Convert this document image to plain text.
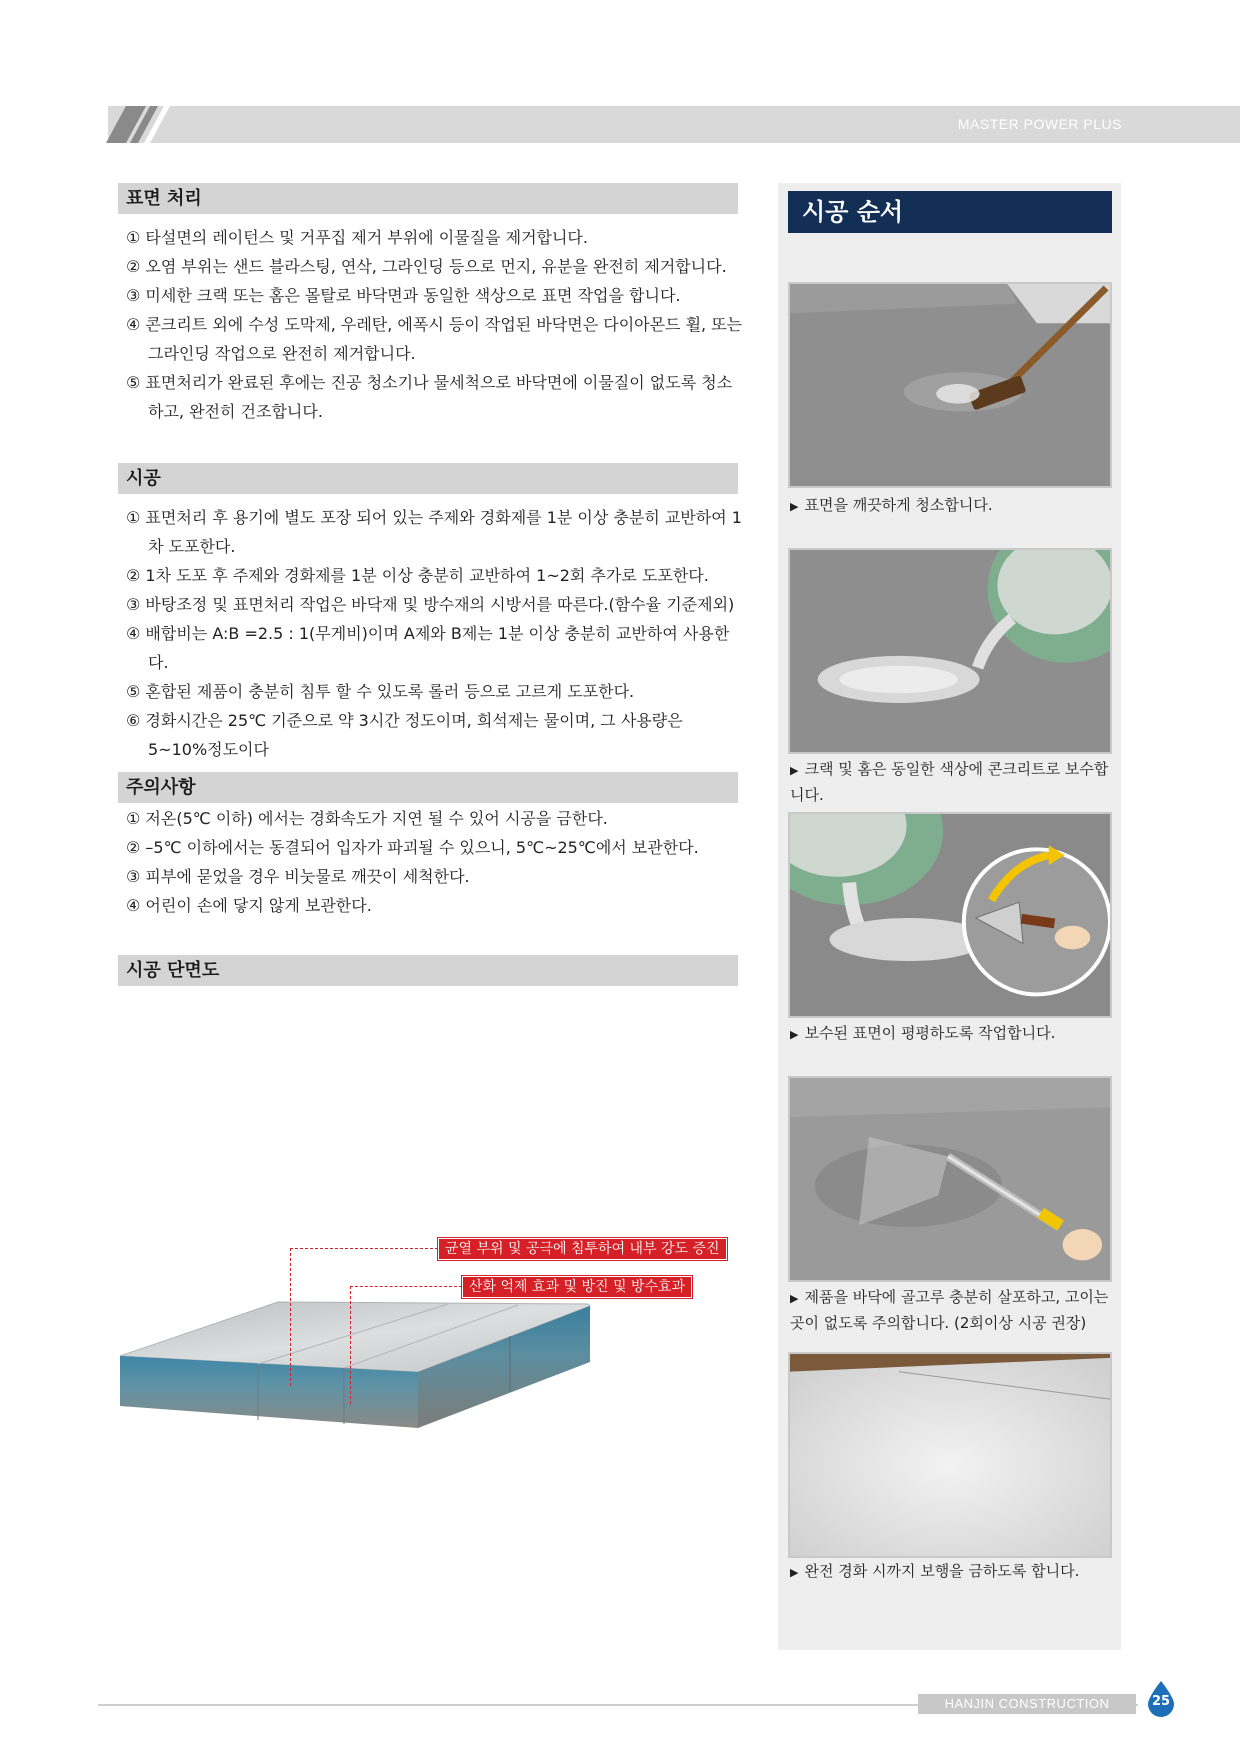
MASTER POWER PLUS
표면 처리
① 타설면의 레이턴스 및 거푸집 제거 부위에 이물질을 제거합니다.
② 오염 부위는 샌드 블라스팅, 연삭, 그라인딩 등으로 먼지, 유분을 완전히 제거합니다.
③ 미세한 크랙 또는 홈은 몰탈로 바닥면과 동일한 색상으로 표면 작업을 합니다.
④ 콘크리트 외에 수성 도막제, 우레탄, 에폭시 등이 작업된 바닥면은 다이아몬드 휠, 또는 그라인딩 작업으로 완전히 제거합니다.
⑤ 표면처리가 완료된 후에는 진공 청소기나 물세척으로 바닥면에 이물질이 없도록 청소하고, 완전히 건조합니다.
시공
① 표면처리 후 용기에 별도 포장 되어 있는 주제와 경화제를 1분 이상 충분히 교반하여 1차 도포한다.
② 1차 도포 후 주제와 경화제를 1분 이상 충분히 교반하여 1~2회 추가로 도포한다.
③ 바탕조정 및 표면처리 작업은 바닥재 및 방수재의 시방서를 따른다.(함수율 기준제외)
④ 배합비는 A:B =2.5 : 1(무게비)이며 A제와 B제는 1분 이상 충분히 교반하여 사용한다.
⑤ 혼합된 제품이 충분히 침투 할 수 있도록 롤러 등으로 고르게 도포한다.
⑥ 경화시간은 25℃ 기준으로 약 3시간 정도이며, 희석제는 물이며, 그 사용량은 5~10%정도이다
주의사항
① 저온(5℃ 이하) 에서는 경화속도가 지연 될 수 있어 시공을 금한다.
② –5℃ 이하에서는 동결되어 입자가 파괴될 수 있으니, 5℃~25℃에서 보관한다.
③ 피부에 묻었을 경우 비눗물로 깨끗이 세척한다.
④ 어린이 손에 닿지 않게 보관한다.
시공 단면도
균열 부위 및 공극에 침투하여 내부 강도 증진
산화 억제 효과 및 방진 및 방수효과
시공 순서
▶ 표면을 깨끗하게 청소합니다.
▶ 크랙 및 홈은 동일한 색상에 콘크리트로 보수합니다.
▶ 보수된 표면이 평평하도록 작업합니다.
▶ 제품을 바닥에 골고루 충분히 살포하고, 고이는 곳이 없도록 주의합니다. (2회이상 시공 권장)
▶ 완전 경화 시까지 보행을 금하도록 합니다.
HANJIN CONSTRUCTION CHEMICAL
25
